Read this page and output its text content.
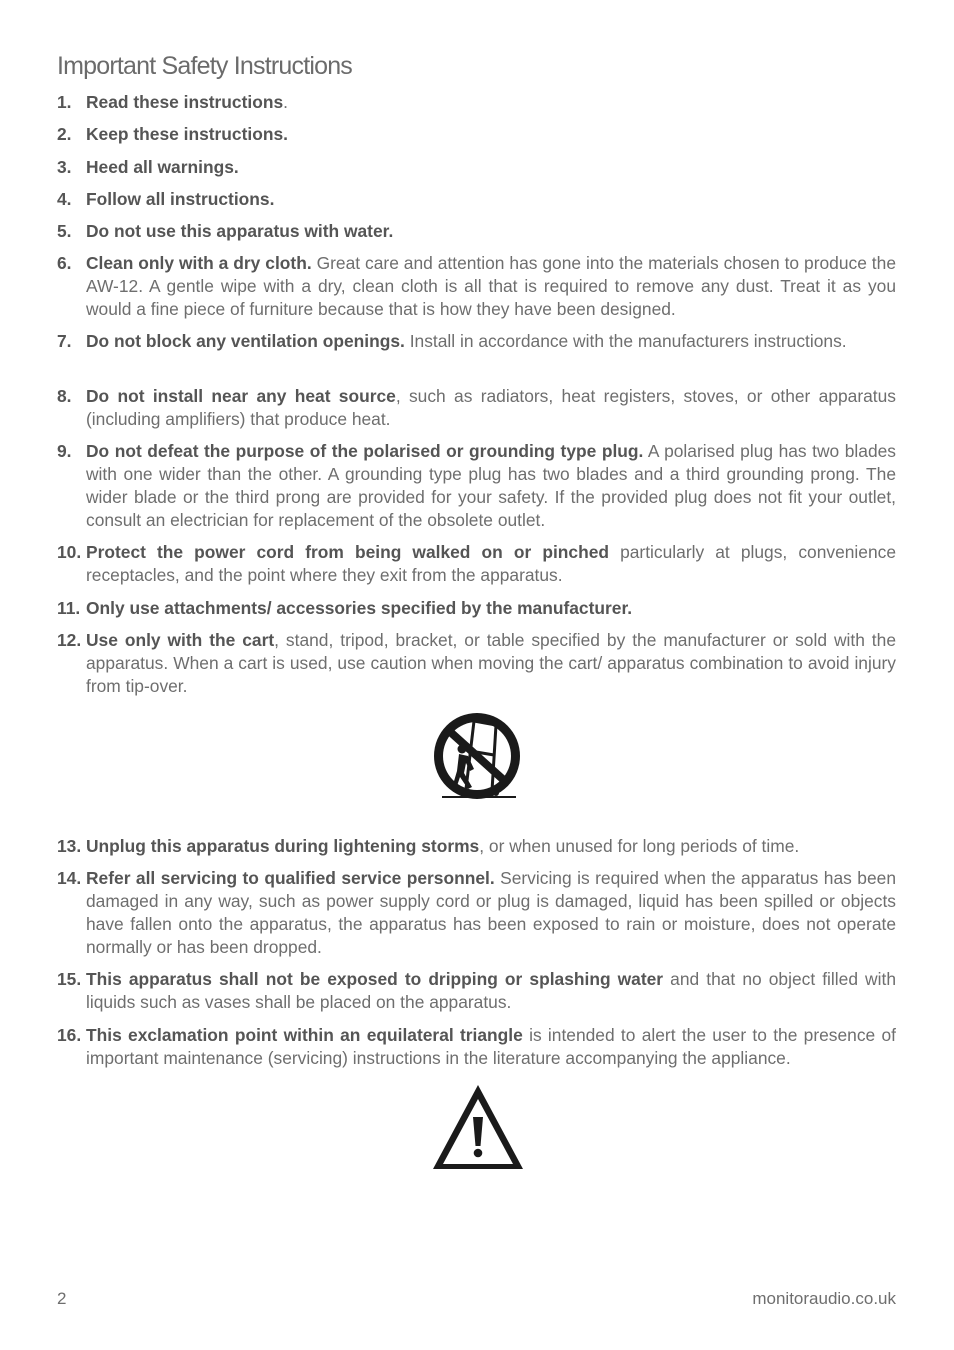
Important Safety Instructions
1. Read these instructions.
2. Keep these instructions.
3. Heed all warnings.
4. Follow all instructions.
5. Do not use this apparatus with water.
6. Clean only with a dry cloth. Great care and attention has gone into the materials chosen to produce the AW-12. A gentle wipe with a dry, clean cloth is all that is required to remove any dust. Treat it as you would a fine piece of furniture because that is how they have been designed.
7. Do not block any ventilation openings. Install in accordance with the manufacturers instructions.
8. Do not install near any heat source, such as radiators, heat registers, stoves, or other apparatus (including amplifiers) that produce heat.
9. Do not defeat the purpose of the polarised or grounding type plug. A polarised plug has two blades with one wider than the other. A grounding type plug has two blades and a third grounding prong. The wider blade or the third prong are provided for your safety. If the provided plug does not fit your outlet, consult an electrician for replacement of the obsolete outlet.
10. Protect the power cord from being walked on or pinched particularly at plugs, convenience receptacles, and the point where they exit from the apparatus.
11. Only use attachments/ accessories specified by the manufacturer.
12. Use only with the cart, stand, tripod, bracket, or table specified by the manufacturer or sold with the apparatus. When a cart is used, use caution when moving the cart/ apparatus combination to avoid injury from tip-over.
13. Unplug this apparatus during lightening storms, or when unused for long periods of time.
14. Refer all servicing to qualified service personnel. Servicing is required when the apparatus has been damaged in any way, such as power supply cord or plug is damaged, liquid has been spilled or objects have fallen onto the apparatus, the apparatus has been exposed to rain or moisture, does not operate normally or has been dropped.
15. This apparatus shall not be exposed to dripping or splashing water and that no object filled with liquids such as vases shall be placed on the apparatus.
16. This exclamation point within an equilateral triangle is intended to alert the user to the presence of important maintenance (servicing) instructions in the literature accompanying the appliance.
2	monitoraudio.co.uk
